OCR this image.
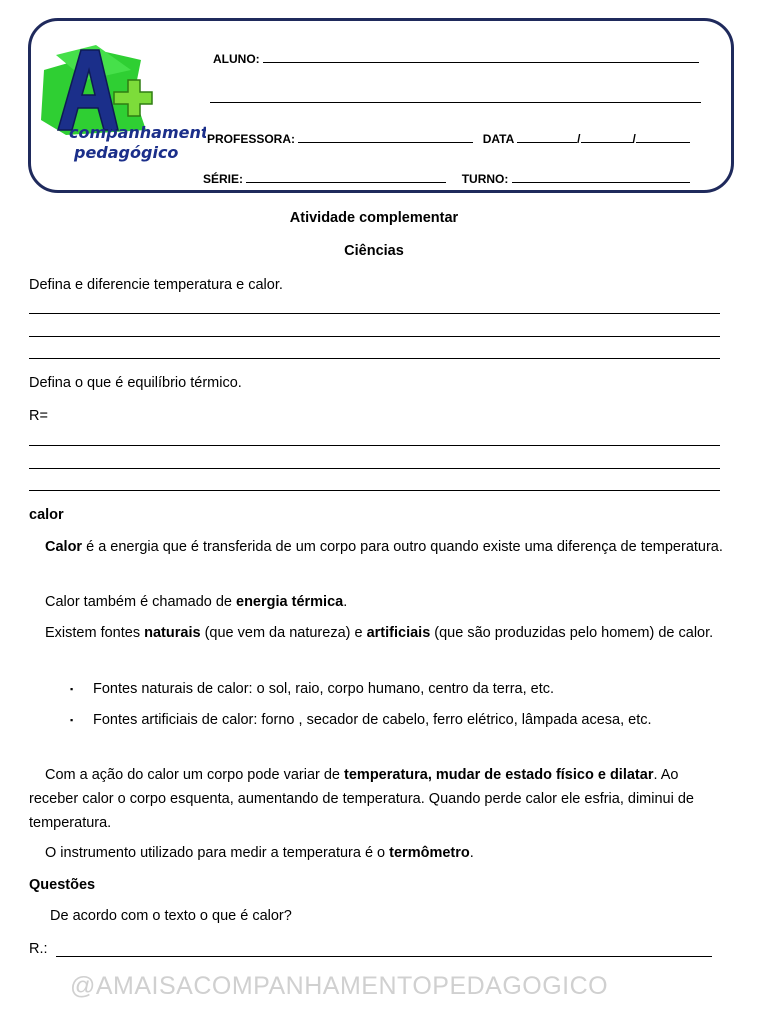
companhamento
pedagógico
ALUNO:
PROFESSORA:	DATA	/	/
SÉRIE:	TURNO:
Atividade complementar
Ciências
Defina e diferencie temperatura e calor.
Defina o que é equilíbrio térmico.
R=
calor
Calor é a energia que é transferida de um corpo para outro quando existe uma diferença de temperatura.
Calor também é chamado de energia térmica.
Existem fontes naturais (que vem da natureza) e artificiais (que são produzidas pelo homem) de calor.
▪ Fontes naturais de calor: o sol, raio, corpo humano, centro da terra, etc.
▪ Fontes artificiais de calor: forno , secador de cabelo, ferro elétrico, lâmpada acesa, etc.
Com a ação do calor um corpo pode variar de temperatura, mudar de estado físico e dilatar. Ao receber calor o corpo esquenta, aumentando de temperatura. Quando perde calor ele esfria, diminui de temperatura.
O instrumento utilizado para medir a temperatura é o termômetro.
Questões
De acordo com o texto o que é calor?
R.:
@AMAISACOMPANHAMENTOPEDAGOGICO
